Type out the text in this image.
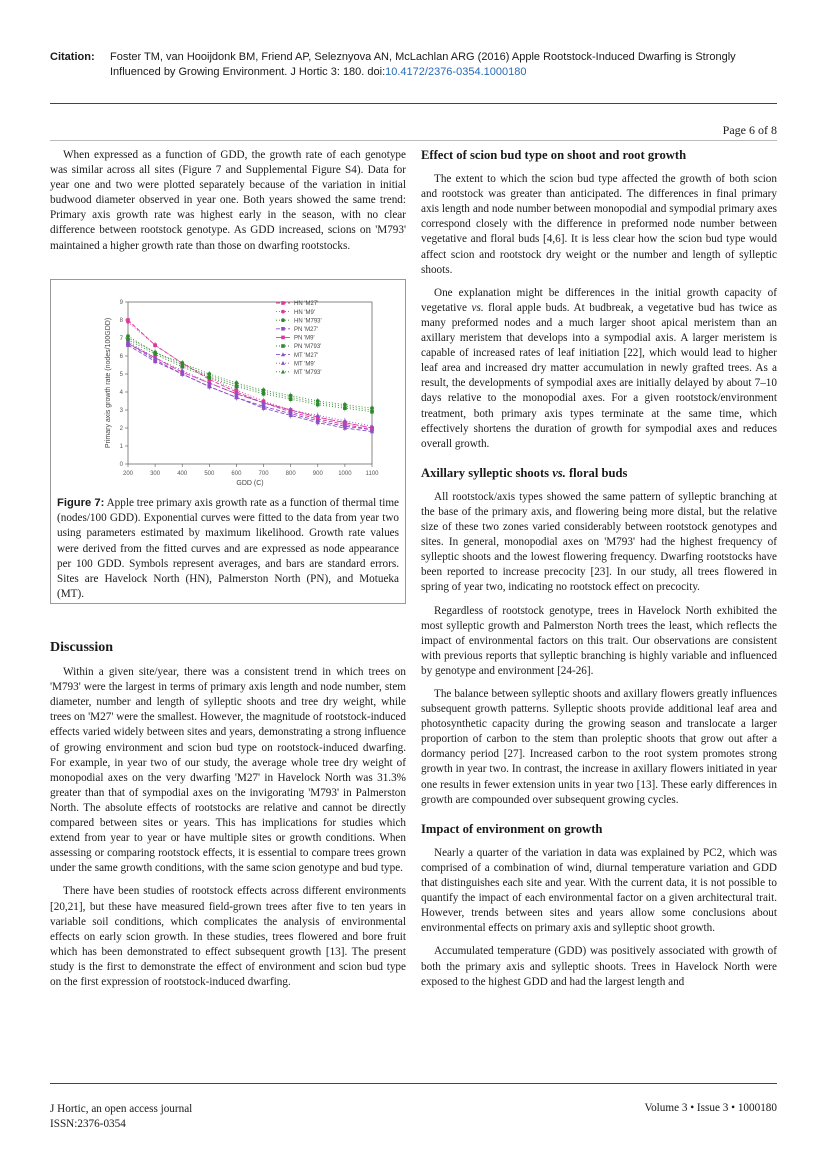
Citation: Foster TM, van Hooijdonk BM, Friend AP, Seleznyova AN, McLachlan ARG (2016) Apple Rootstock-Induced Dwarfing is Strongly Influenced by Growing Environment. J Hortic 3: 180. doi:10.4172/2376-0354.1000180
Page 6 of 8

When expressed as a function of GDD, the growth rate of each genotype was similar across all sites (Figure 7 and Supplemental Figure S4). Data for year one and two were plotted separately because of the variation in initial budwood diameter observed in year one. Both years showed the same trend: Primary axis growth rate was highest early in the season, with no clear difference between rootstock genotype. As GDD increased, scions on 'M793' maintained a higher growth rate than those on dwarfing rootstocks.

200	300	400	500	600	700	800	900	1000 1100
0
1
2
3
4
5
6
7
8
9
GDD (C)
Primary axis growth rate (nodes/100GDD)
HN 'M27'
HN 'M9'
HN 'M793'
PN 'M27'
PN 'M9'
PN 'M793'
MT 'M27'
MT 'M9'
MT 'M793'
Figure 7: Apple tree primary axis growth rate as a function of thermal time (nodes/100 GDD). Exponential curves were fitted to the data from year two using parameters estimated by maximum likelihood. Growth rate values were derived from the fitted curves and are expressed as node appearance per 100 GDD. Symbols represent averages, and bars are standard errors. Sites are Havelock North (HN), Palmerston North (PN), and Motueka (MT).
Discussion

Within a given site/year, there was a consistent trend in which trees on 'M793' were the largest in terms of primary axis length and node number, stem diameter, number and length of sylleptic shoots and tree dry weight, while trees on 'M27' were the smallest. However, the magnitude of rootstock-induced effects varied widely between sites and years, demonstrating a strong influence of growing environment and scion bud type on rootstock-induced dwarfing. For example, in year two of our study, the average whole tree dry weight of monopodial axes on the very dwarfing 'M27' in Havelock North was 31.3% greater than that of sympodial axes on the invigorating 'M793' in Palmerston North. The absolute effects of rootstocks are relative and cannot be directly compared between sites or years. This has implications for studies which extend from year to year or have multiple sites or growth conditions. When assessing or comparing rootstock effects, it is essential to compare trees grown under the same growth conditions, with the same scion genotype and bud type.

There have been studies of rootstock effects across different environments [20,21], but these have measured field-grown trees after five to ten years in variable soil conditions, which complicates the analysis of environmental effects on early scion growth. In these studies, trees flowered and bore fruit which has been demonstrated to effect subsequent growth [13]. The present study is the first to demonstrate the effect of environment and scion bud type on the first expression of rootstock-induced dwarfing.

Effect of scion bud type on shoot and root growth

The extent to which the scion bud type affected the growth of both scion and rootstock was greater than anticipated. The differences in final primary axis length and node number between monopodial and sympodial primary axes correspond closely with the difference in preformed node number between vegetative and floral buds [4,6]. It is less clear how the scion bud type would affect scion and rootstock dry weight or the number and length of sylleptic shoots.

One explanation might be differences in the initial growth capacity of vegetative vs. floral apple buds. At budbreak, a vegetative bud has twice as many preformed nodes and a much larger shoot apical meristem than an axillary meristem that develops into a sympodial axis. A larger meristem is capable of increased rates of leaf initiation [22], which would lead to higher leaf area and increased dry matter accumulation in newly grafted trees. As a result, the developments of sympodial axes are initially delayed by about 7–10 days relative to the monopodial axes. For a given rootstock/environment treatment, both primary axis types terminate at the same time, which effectively shortens the duration of growth for sympodial axes and reduces overall growth.

Axillary sylleptic shoots vs. floral buds

All rootstock/axis types showed the same pattern of sylleptic branching at the base of the primary axis, and flowering being more distal, but the relative size of these two zones varied considerably between rootstock genotypes and sites. In general, monopodial axes on 'M793' had the highest frequency of sylleptic shoots and the lowest flowering frequency. Dwarfing rootstocks have been reported to increase precocity [23]. In our study, all trees flowered in spring of year two, indicating no rootstock effect on precocity.

Regardless of rootstock genotype, trees in Havelock North exhibited the most sylleptic growth and Palmerston North trees the least, which reflects the impact of environmental factors on this trait. Our observations are consistent with previous reports that sylleptic branching is highly variable and influenced by genotype and environment [24-26].

The balance between sylleptic shoots and axillary flowers greatly influences subsequent growth patterns. Sylleptic shoots provide additional leaf area and photosynthetic capacity during the growing season and translocate a larger proportion of carbon to the stem than proleptic shoots that grow out after a dormancy period [27]. Increased carbon to the root system promotes strong growth in year two. In contrast, the increase in axillary flowers initiated in year one results in fewer extension units in year two [13]. These early differences in growth are compounded over subsequent growing cycles.

Impact of environment on growth

Nearly a quarter of the variation in data was explained by PC2, which was comprised of a combination of wind, diurnal temperature variation and GDD that distinguishes each site and year. With the current data, it is not possible to quantify the impact of each environmental factor on a given architectural trait. However, trends between sites and years allow some conclusions about environmental effects on primary axis and sylleptic shoot growth.

Accumulated temperature (GDD) was positively associated with growth of both the primary axis and sylleptic shoots. Trees in Havelock North were exposed to the highest GDD and had the largest length and

J Hortic, an open access journal
ISSN:2376-0354
Volume 3 • Issue 3 • 1000180
